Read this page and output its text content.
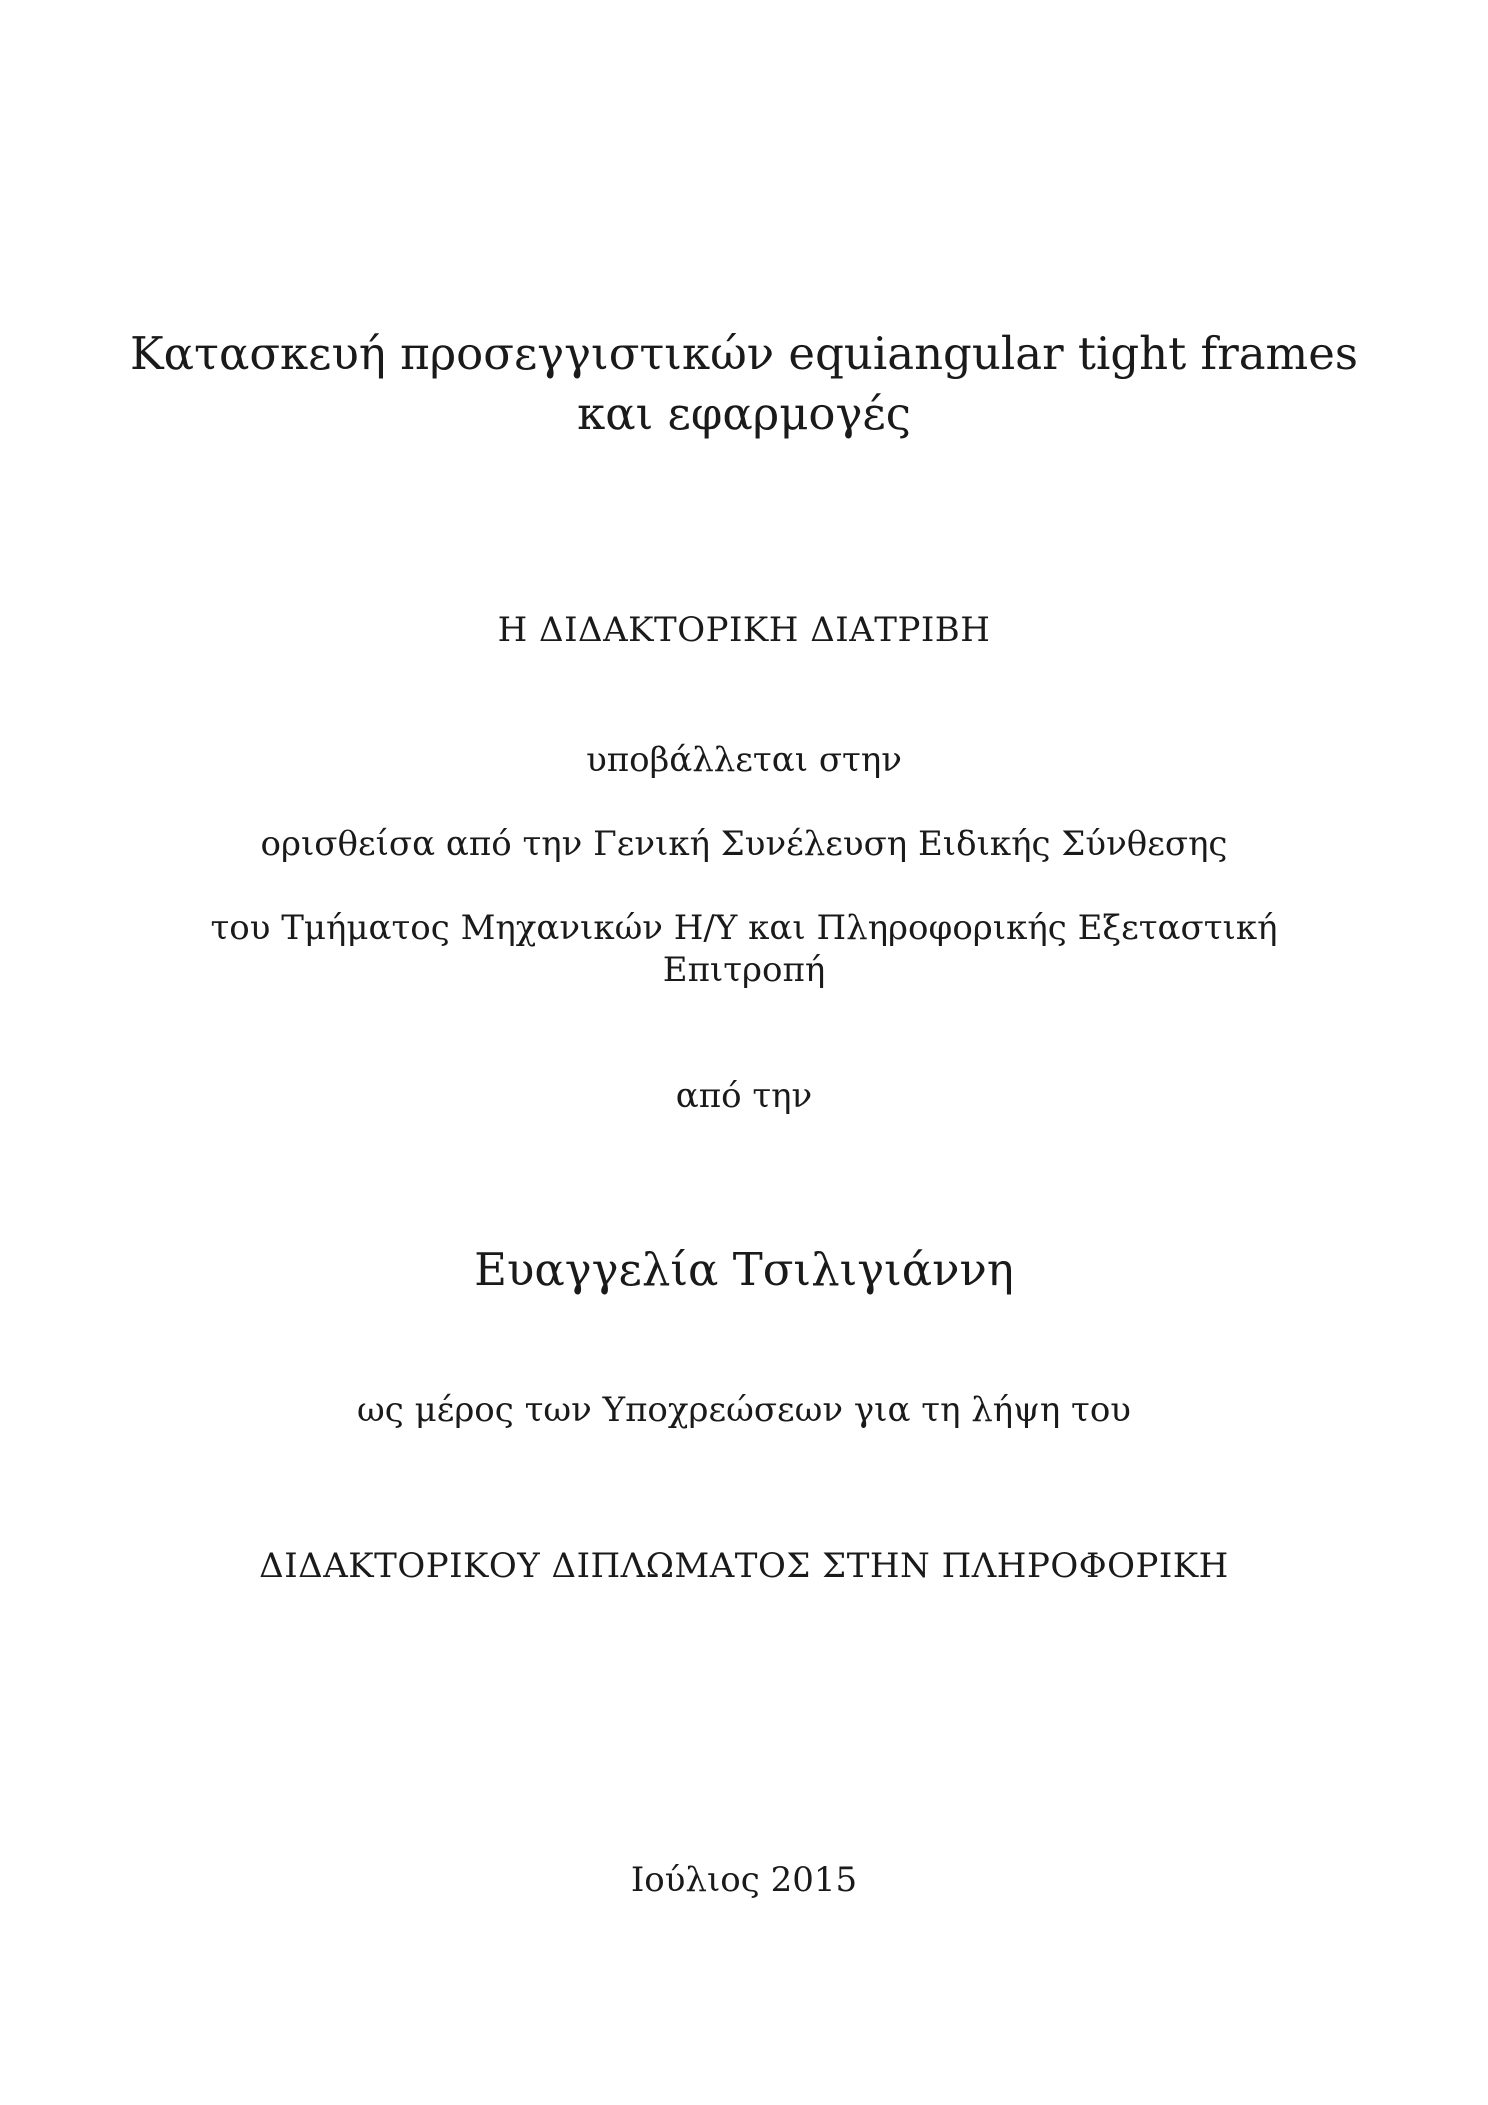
Κατασκευή προσεγγιστικών equiangular tight frames
και εφαρμογές
Η ΔΙΔΑΚΤΟΡΙΚΗ ΔΙΑΤΡΙΒΗ
υποβάλλεται στην
ορισθείσα από την Γενική Συνέλευση Ειδικής Σύνθεσης
του Τμήματος Μηχανικών Η/Υ και Πληροφορικής Εξεταστική
Επιτροπή
από την
Ευαγγελία Τσιλιγιάννη
ως μέρος των Υποχρεώσεων για τη λήψη του
ΔΙΔΑΚΤΟΡΙΚΟΥ ΔΙΠΛΩΜΑΤΟΣ ΣΤΗΝ ΠΛΗΡΟΦΟΡΙΚΗ
Ιούλιος 2015
